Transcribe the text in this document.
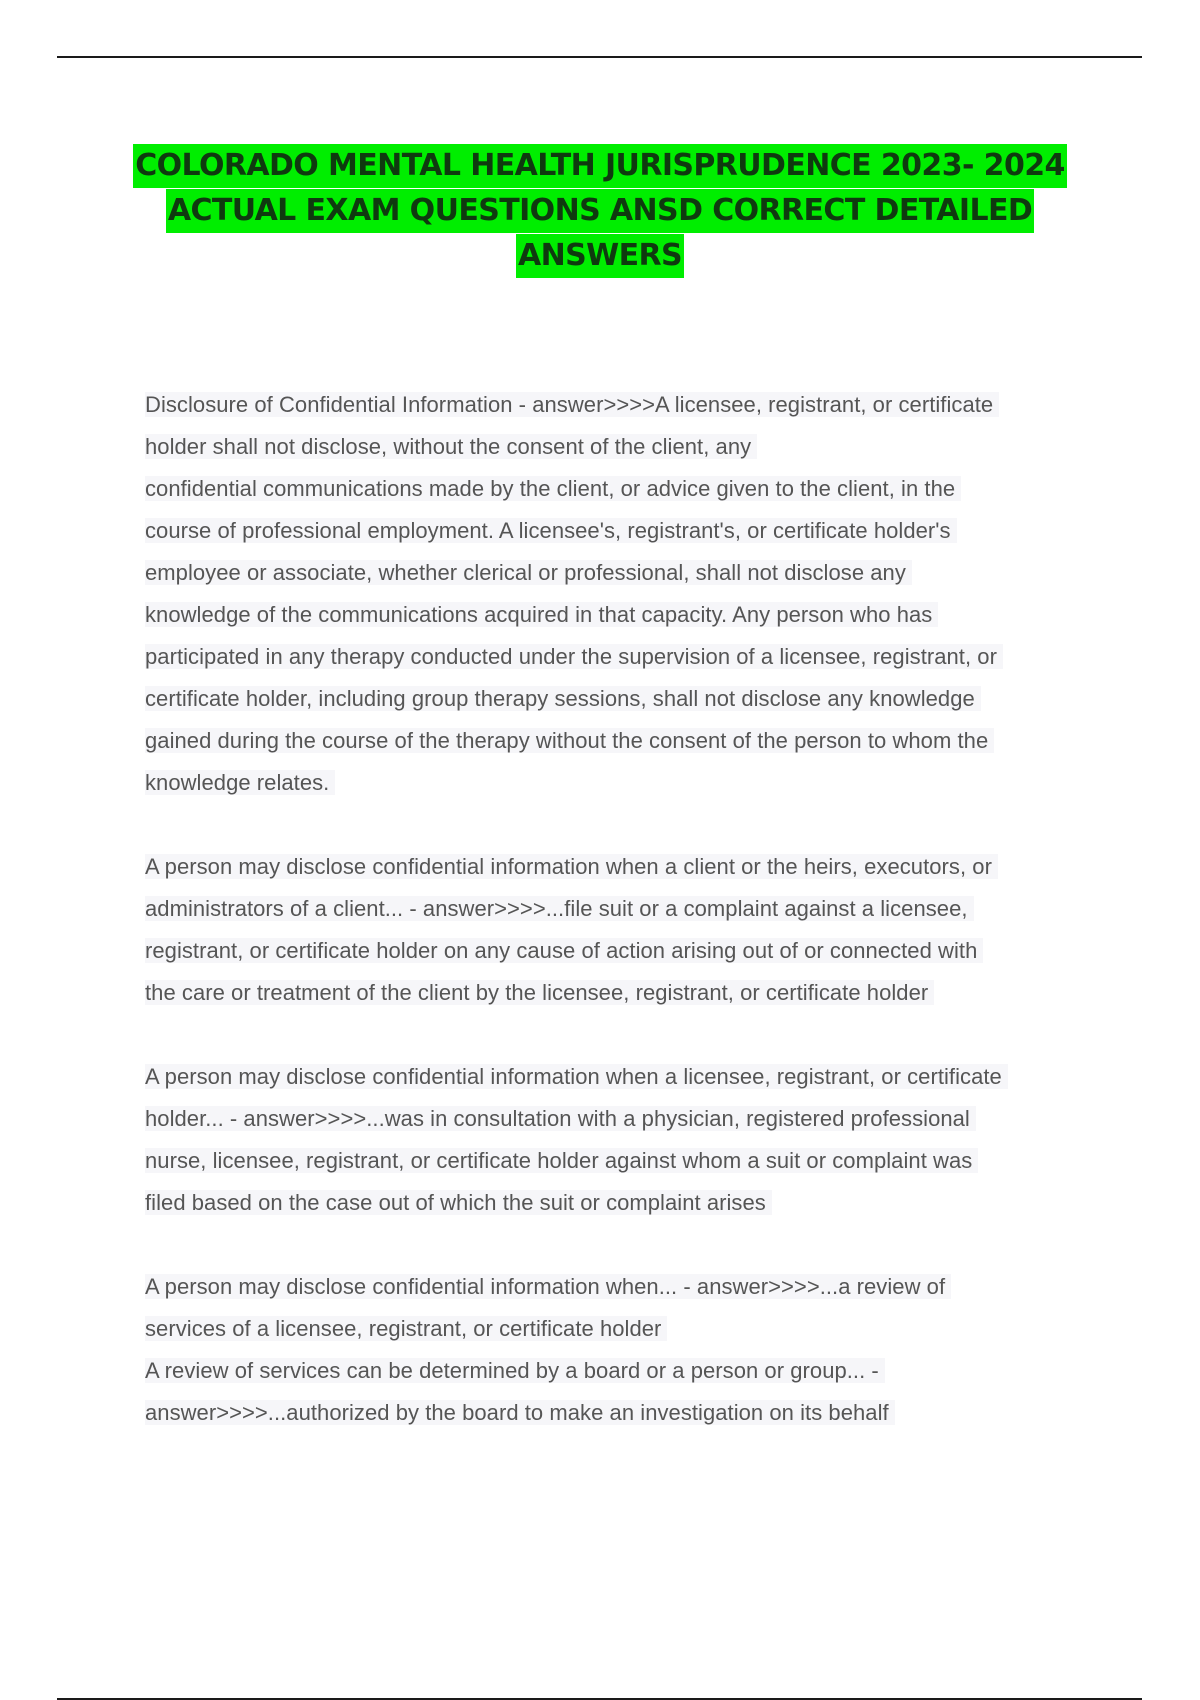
COLORADO MENTAL HEALTH JURISPRUDENCE 2023- 2024
ACTUAL EXAM QUESTIONS ANSD CORRECT DETAILED
ANSWERS
Disclosure of Confidential Information - answer>>>>A licensee, registrant, or certificate
holder shall not disclose, without the consent of the client, any
confidential communications made by the client, or advice given to the client, in the
course of professional employment. A licensee's, registrant's, or certificate holder's
employee or associate, whether clerical or professional, shall not disclose any
knowledge of the communications acquired in that capacity. Any person who has
participated in any therapy conducted under the supervision of a licensee, registrant, or
certificate holder, including group therapy sessions, shall not disclose any knowledge
gained during the course of the therapy without the consent of the person to whom the
knowledge relates.
A person may disclose confidential information when a client or the heirs, executors, or
administrators of a client... - answer>>>>...file suit or a complaint against a licensee,
registrant, or certificate holder on any cause of action arising out of or connected with
the care or treatment of the client by the licensee, registrant, or certificate holder
A person may disclose confidential information when a licensee, registrant, or certificate
holder... - answer>>>>...was in consultation with a physician, registered professional
nurse, licensee, registrant, or certificate holder against whom a suit or complaint was
filed based on the case out of which the suit or complaint arises
A person may disclose confidential information when... - answer>>>>...a review of
services of a licensee, registrant, or certificate holder
A review of services can be determined by a board or a person or group... -
answer>>>>...authorized by the board to make an investigation on its behalf
